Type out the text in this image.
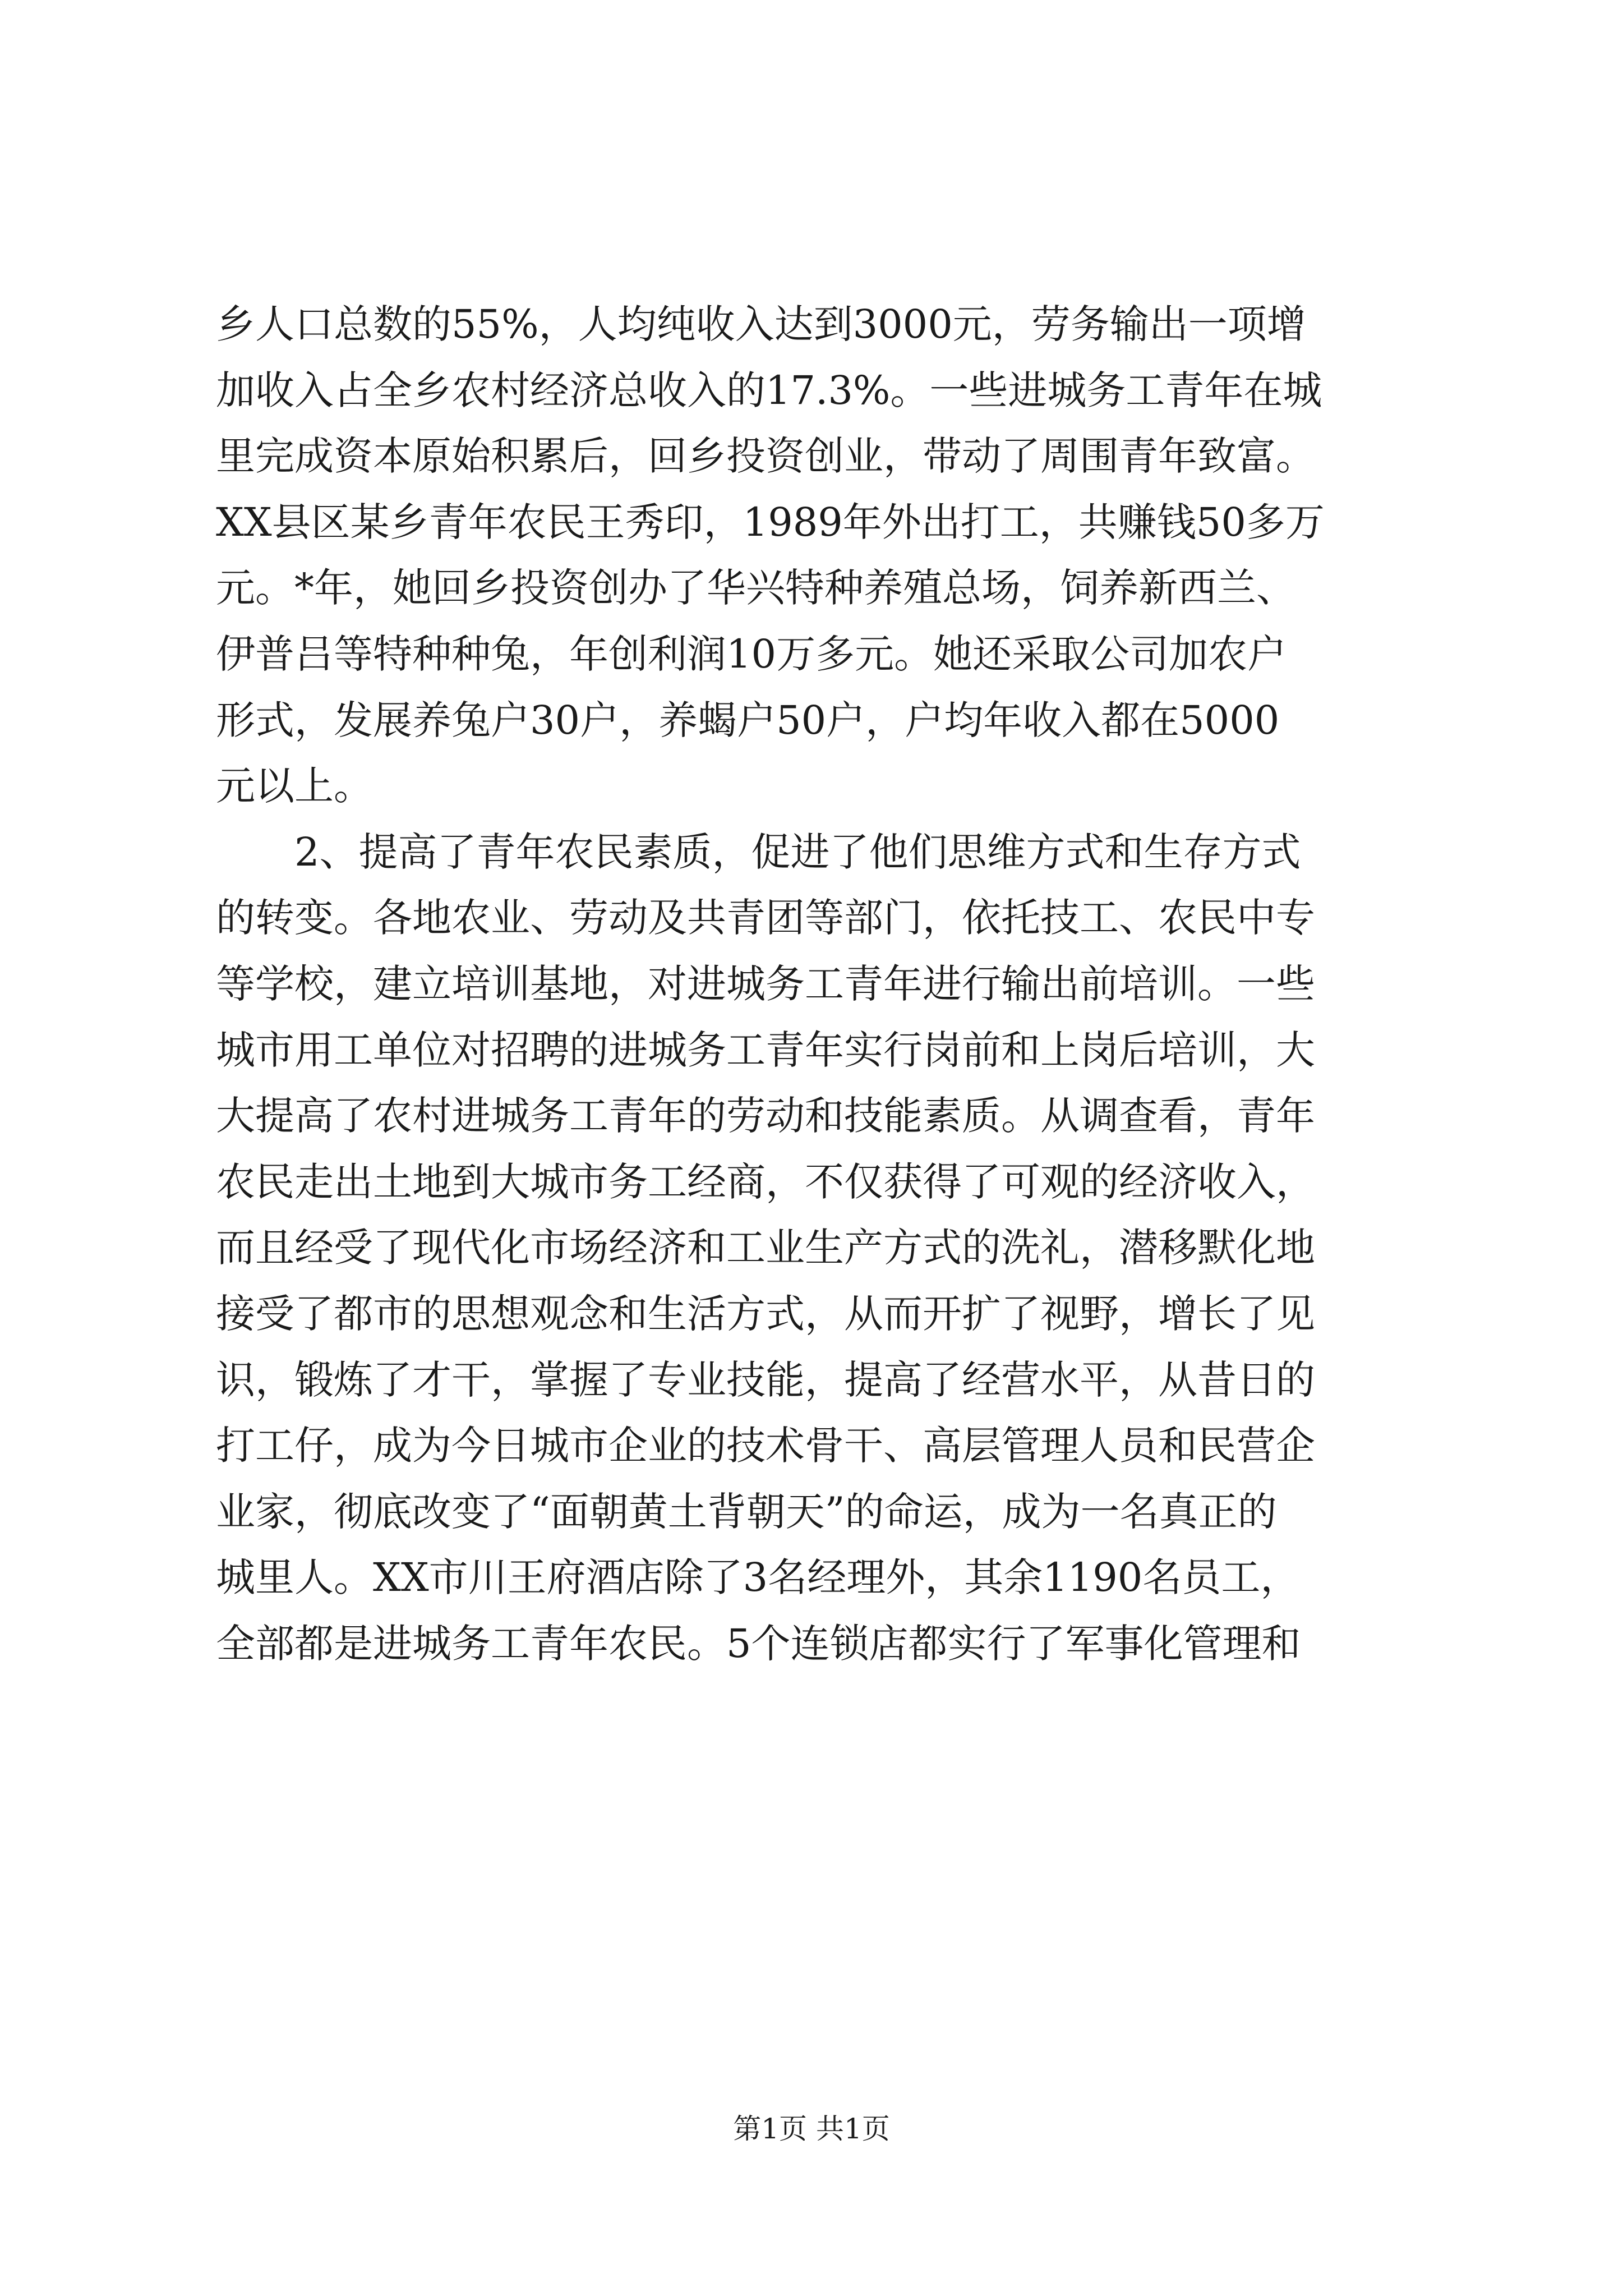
乡人口总数的55%，人均纯收入达到3000元，劳务输出一项增
加收入占全乡农村经济总收入的17.3%。一些进城务工青年在城
里完成资本原始积累后，回乡投资创业，带动了周围青年致富。
XX县区某乡青年农民王秀印，1989年外出打工，共赚钱50多万
元。*年，她回乡投资创办了华兴特种养殖总场，饲养新西兰、
伊普吕等特种种兔，年创利润10万多元。她还采取公司加农户
形式，发展养兔户30户，养蝎户50户，户均年收入都在5000
元以上。
　　2、提高了青年农民素质，促进了他们思维方式和生存方式
的转变。各地农业、劳动及共青团等部门，依托技工、农民中专
等学校，建立培训基地，对进城务工青年进行输出前培训。一些
城市用工单位对招聘的进城务工青年实行岗前和上岗后培训，大
大提高了农村进城务工青年的劳动和技能素质。从调查看，青年
农民走出土地到大城市务工经商，不仅获得了可观的经济收入，
而且经受了现代化市场经济和工业生产方式的洗礼，潜移默化地
接受了都市的思想观念和生活方式，从而开扩了视野，增长了见
识，锻炼了才干，掌握了专业技能，提高了经营水平，从昔日的
打工仔，成为今日城市企业的技术骨干、高层管理人员和民营企
业家，彻底改变了“面朝黄土背朝天”的命运，成为一名真正的
城里人。XX市川王府酒店除了3名经理外，其余1190名员工，
全部都是进城务工青年农民。5个连锁店都实行了军事化管理和
第1页 共1页
